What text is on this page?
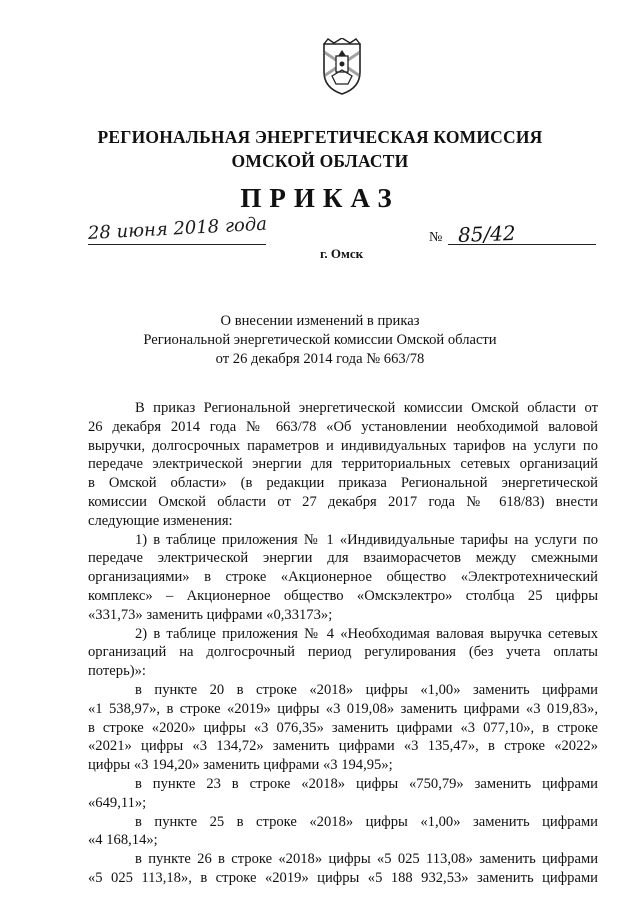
РЕГИОНАЛЬНАЯ ЭНЕРГЕТИЧЕСКАЯ КОМИССИЯ
ОМСКОЙ ОБЛАСТИ
ПРИКАЗ
28 июня 2018 года	№ 85/42
г. Омск
О внесении изменений в приказ
Региональной энергетической комиссии Омской области
от 26 декабря 2014 года № 663/78
В приказ Региональной энергетической комиссии Омской области от
26 декабря 2014 года № 663/78 «Об установлении необходимой валовой
выручки, долгосрочных параметров и индивидуальных тарифов на услуги по
передаче электрической энергии для территориальных сетевых организаций
в Омской области» (в редакции приказа Региональной энергетической
комиссии Омской области от 27 декабря 2017 года № 618/83) внести
следующие изменения:
1) в таблице приложения № 1 «Индивидуальные тарифы на услуги по
передаче электрической энергии для взаиморасчетов между смежными
организациями» в строке «Акционерное общество «Электротехнический
комплекс» – Акционерное общество «Омскэлектро» столбца 25 цифры
«331,73» заменить цифрами «0,33173»;
2) в таблице приложения № 4 «Необходимая валовая выручка сетевых
организаций на долгосрочный период регулирования (без учета оплаты
потерь)»:
в пункте 20 в строке «2018» цифры «1,00» заменить цифрами
«1 538,97», в строке «2019» цифры «3 019,08» заменить цифрами «3 019,83»,
в строке «2020» цифры «3 076,35» заменить цифрами «3 077,10», в строке
«2021» цифры «3 134,72» заменить цифрами «3 135,47», в строке «2022»
цифры «3 194,20» заменить цифрами «3 194,95»;
в пункте 23 в строке «2018» цифры «750,79» заменить цифрами
«649,11»;
в пункте 25 в строке «2018» цифры «1,00» заменить цифрами
«4 168,14»;
в пункте 26 в строке «2018» цифры «5 025 113,08» заменить цифрами
«5 025 113,18», в строке «2019» цифры «5 188 932,53» заменить цифрами
